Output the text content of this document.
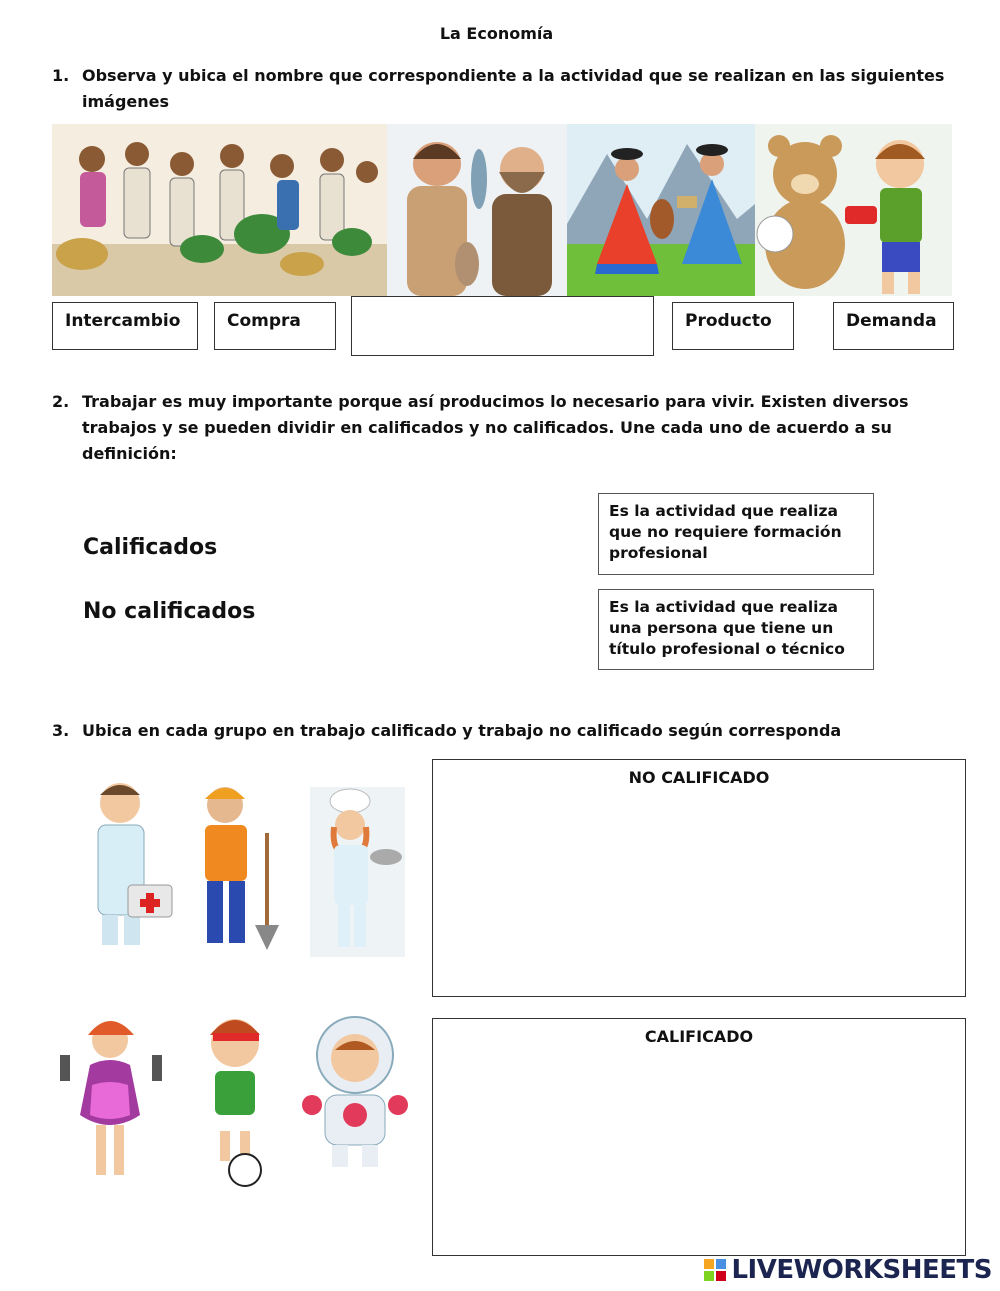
La Economía
1. Observa y ubica el nombre que correspondiente a la actividad que se realizan en las siguientes imágenes
Intercambio	Compra	Producto	Demanda
2. Trabajar es muy importante porque así producimos lo necesario para vivir. Existen diversos trabajos y se pueden dividir en calificados y no calificados. Une cada uno de acuerdo a su definición:
Calificados
No calificados
Es la actividad que realiza que no requiere formación profesional
Es la actividad que realiza una persona que tiene un título profesional o técnico
3. Ubica en cada grupo en trabajo calificado y trabajo no calificado según corresponda
NO CALIFICADO
CALIFICADO
LIVEWORKSHEETS
